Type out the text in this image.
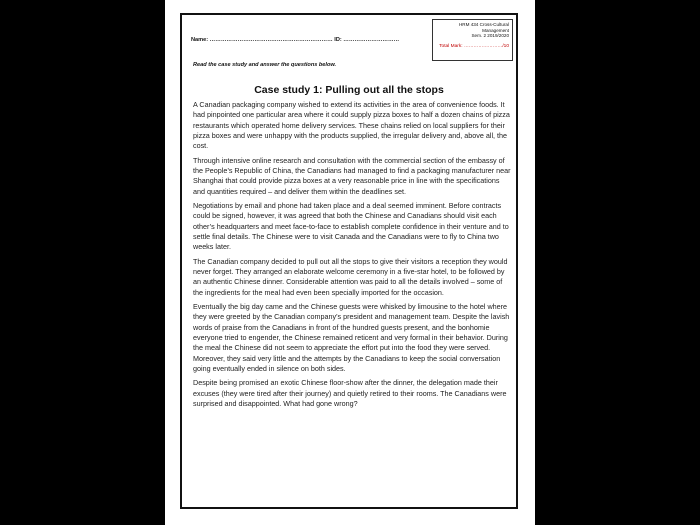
HRM 434 Cross-Cultural
Management
Sem. 2 2019/2020
Total Mark: ……………………/10
Name: ………………………………………………………… ID: …………………………
Read the case study and answer the questions below.
Case study 1: Pulling out all the stops

A Canadian packaging company wished to extend its activities in the area of convenience foods. It had pinpointed one particular area where it could supply pizza boxes to half a dozen chains of pizza restaurants which operated home delivery services. These chains relied on local suppliers for their pizza boxes and were unhappy with the products supplied, the irregular delivery and, above all, the cost.

Through intensive online research and consultation with the commercial section of the embassy of the People’s Republic of China, the Canadians had managed to find a packaging manufacturer near Shanghai that could provide pizza boxes at a very reasonable price in line with the specifications and quantities required – and deliver them within the deadlines set.

Negotiations by email and phone had taken place and a deal seemed imminent. Before contracts could be signed, however, it was agreed that both the Chinese and Canadians should visit each other’s headquarters and meet face-to-face to establish complete confidence in their venture and to settle final details. The Chinese were to visit Canada and the Canadians were to fly to China two weeks later.

The Canadian company decided to pull out all the stops to give their visitors a reception they would never forget. They arranged an elaborate welcome ceremony in a five-star hotel, to be followed by an authentic Chinese dinner. Considerable attention was paid to all the details involved – some of the ingredients for the meal had even been specially imported for the occasion.

Eventually the big day came and the Chinese guests were whisked by limousine to the hotel where they were greeted by the Canadian company’s president and management team. Despite the lavish words of praise from the Canadians in front of the hundred guests present, and the bonhomie everyone tried to engender, the Chinese remained reticent and very formal in their behavior. During the meal the Chinese did not seem to appreciate the effort put into the food they were served. Moreover, they said very little and the attempts by the Canadians to keep the social conversation going eventually ended in silence on both sides.

Despite being promised an exotic Chinese floor-show after the dinner, the delegation made their excuses (they were tired after their journey) and quietly retired to their rooms. The Canadians were surprised and disappointed. What had gone wrong?
